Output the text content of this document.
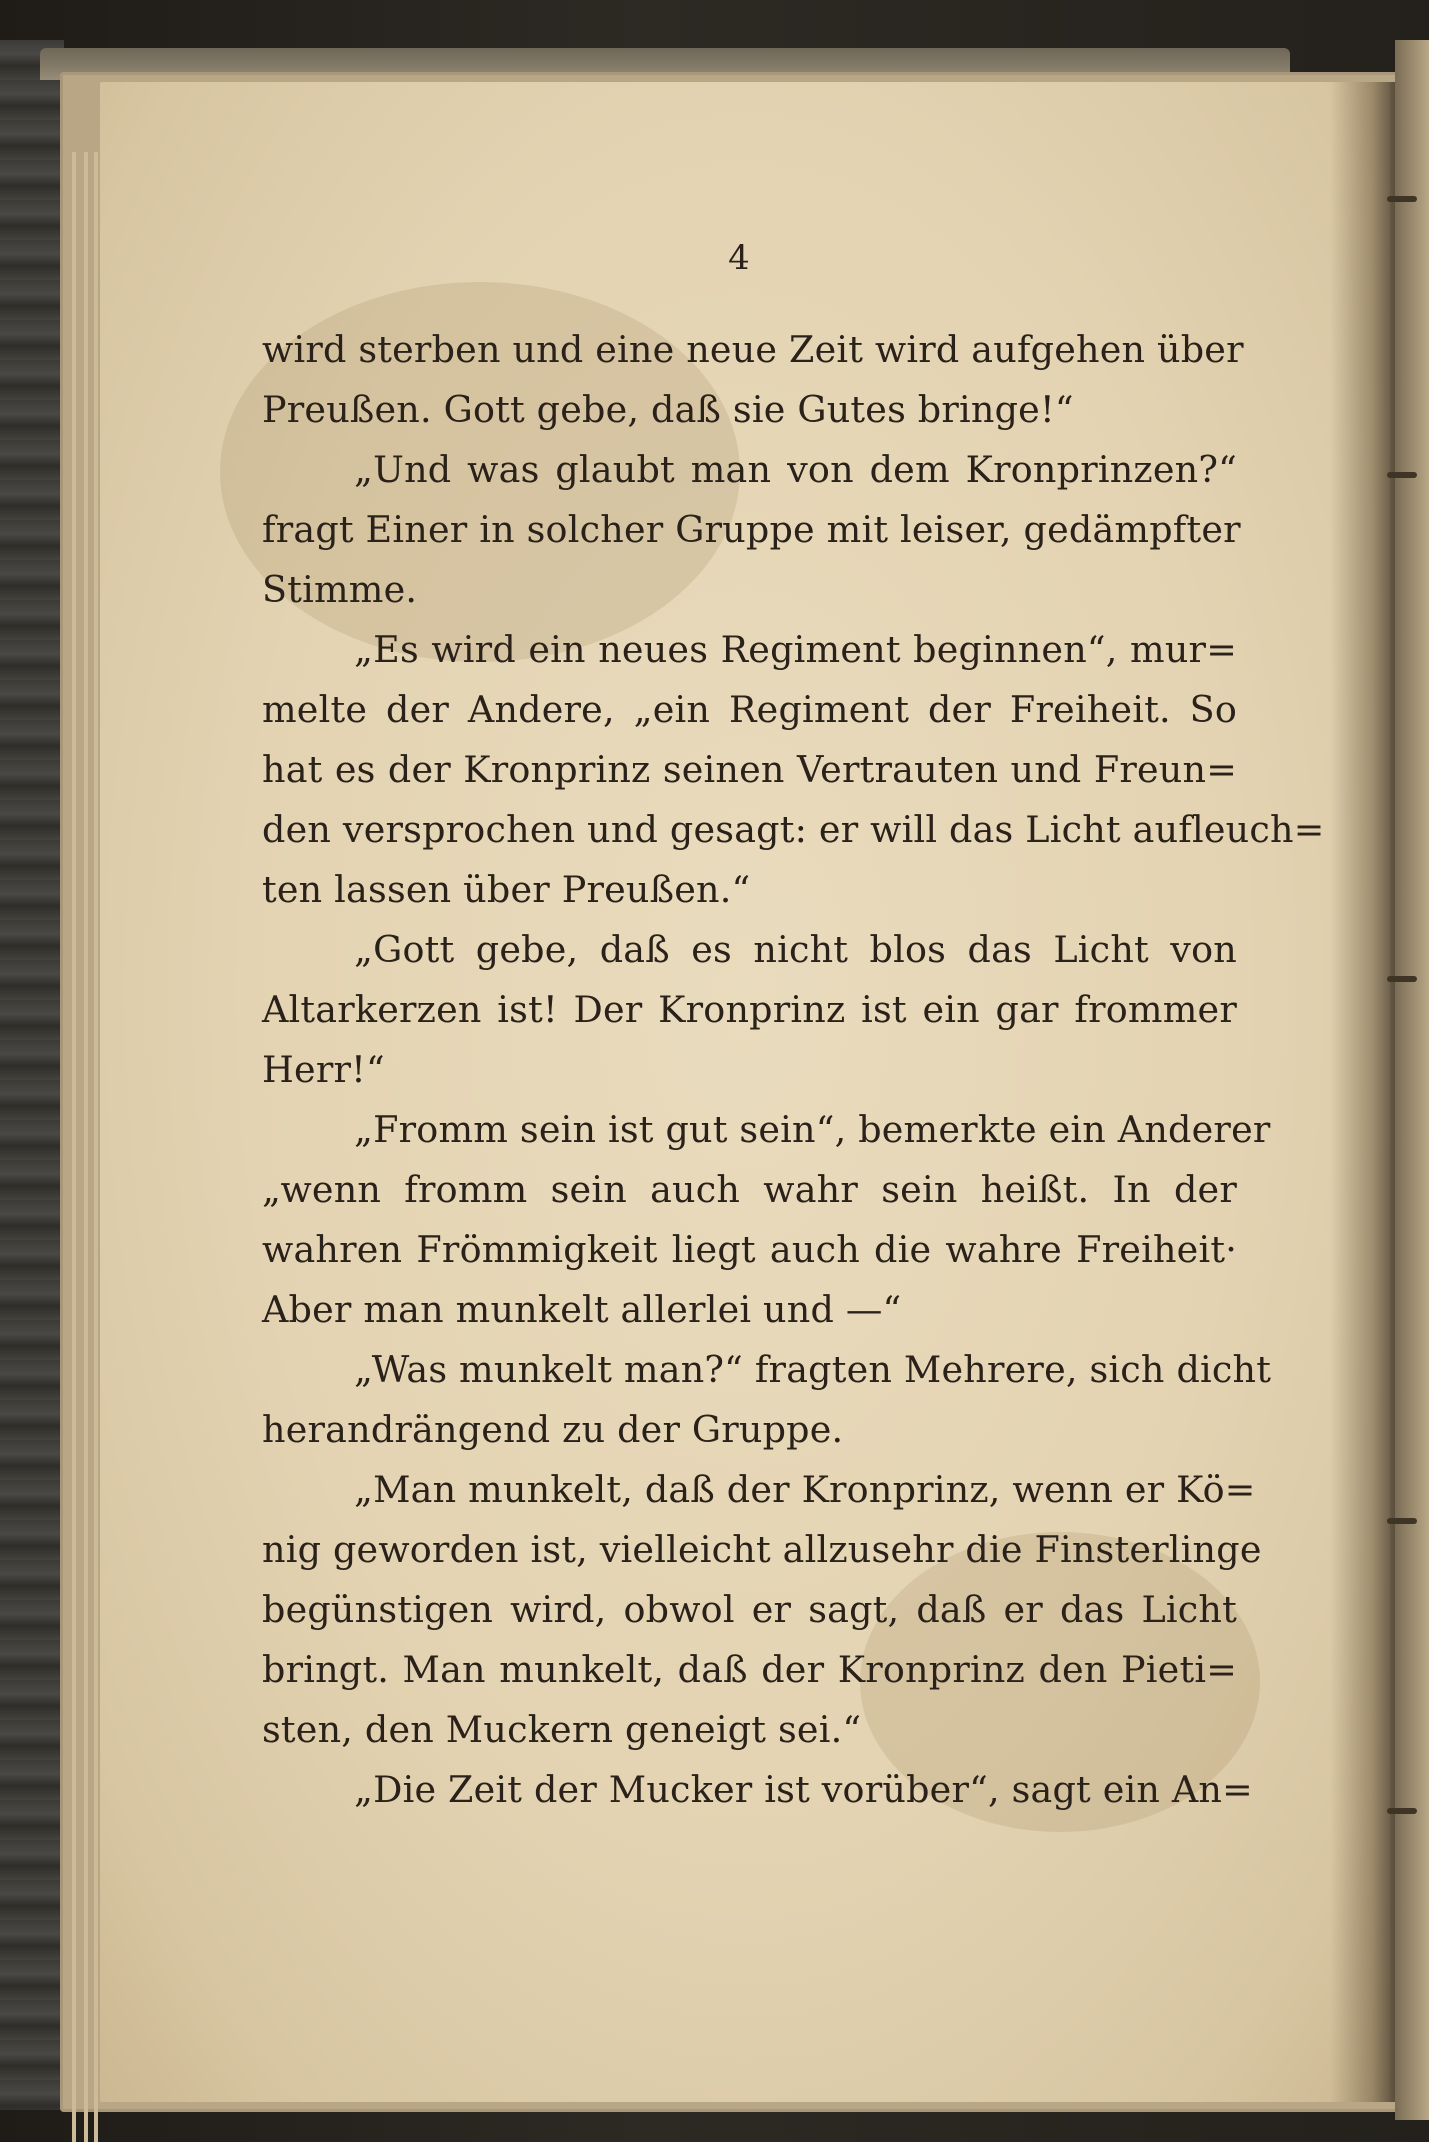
4
wird sterben und eine neue Zeit wird aufgehen über
Preußen. Gott gebe, daß sie Gutes bringe!“
„Und was glaubt man von dem Kronprinzen?“
fragt Einer in solcher Gruppe mit leiser, gedämpfter
Stimme.
„Es wird ein neues Regiment beginnen“, mur=
melte der Andere, „ein Regiment der Freiheit. So
hat es der Kronprinz seinen Vertrauten und Freun=
den versprochen und gesagt: er will das Licht aufleuch=
ten lassen über Preußen.“
„Gott gebe, daß es nicht blos das Licht von
Altarkerzen ist! Der Kronprinz ist ein gar frommer
Herr!“
„Fromm sein ist gut sein“, bemerkte ein Anderer
„wenn fromm sein auch wahr sein heißt. In der
wahren Frömmigkeit liegt auch die wahre Freiheit·
Aber man munkelt allerlei und —“
„Was munkelt man?“ fragten Mehrere, sich dicht
herandrängend zu der Gruppe.
„Man munkelt, daß der Kronprinz, wenn er Kö=
nig geworden ist, vielleicht allzusehr die Finsterlinge
begünstigen wird, obwol er sagt, daß er das Licht
bringt. Man munkelt, daß der Kronprinz den Pieti=
sten, den Muckern geneigt sei.“
„Die Zeit der Mucker ist vorüber“, sagt ein An=
